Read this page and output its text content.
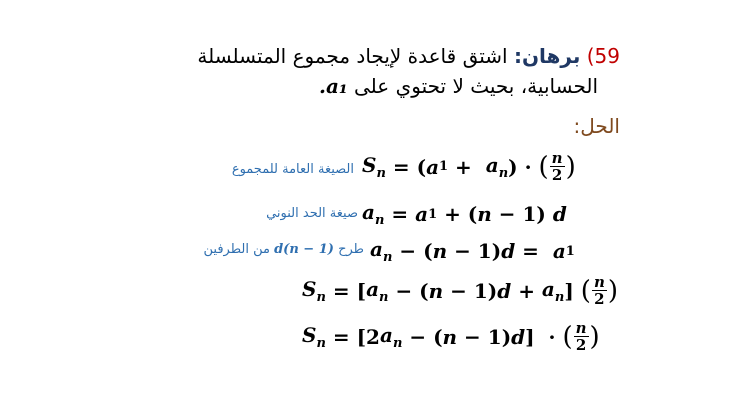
59) برهان: اشتق قاعدة لإيجاد مجموع المتسلسلة
الحسابية، بحيث لا تحتوي على a₁.
الحل:
الصيغة العامة للمجموع $S_n$ = ( a $1 + a_n$ ) · ( $\frac{n}{2}$ )
صيغة الحد النوني $a_n = a$ 1 + ( n − 1) d
طرح (n − 1)d من الطرفين	$a_n$ − ( n − 1) d = a 1
$S_n$ = [ $a_n$ − ( n − 1) $d + a_n$ ] ( $\frac{n}{2}$ )
$S_n = [2$ $a_n$ − ( n − 1) d ]  · ( $\frac{n}{2}$ )
